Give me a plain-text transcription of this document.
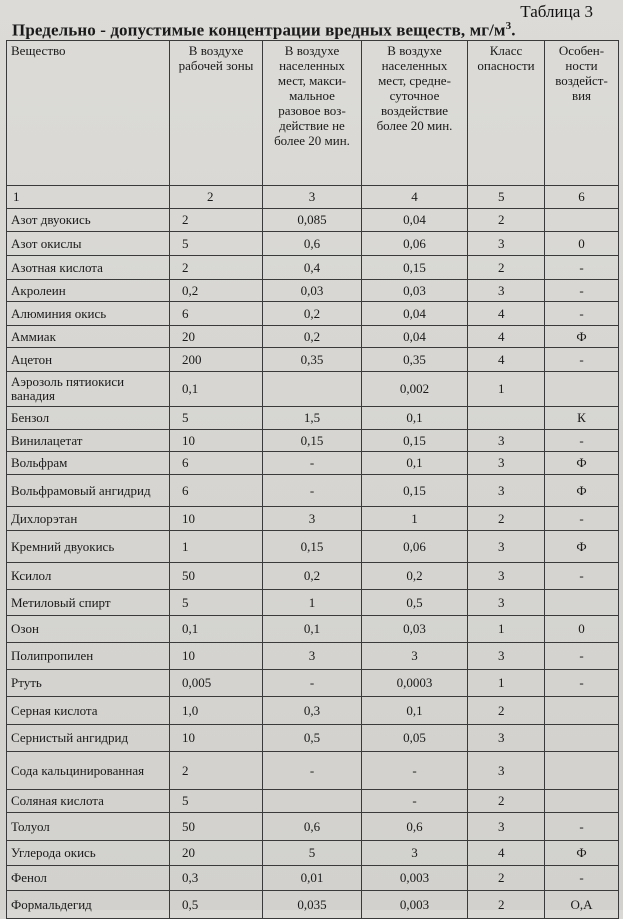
Таблица 3
Предельно - допустимые концентрации вредных веществ, $мг/м^3$.
Вещество	В воздухе рабочей зоны	В воздухе населенных мест, макси-мальное разовое воз-действие не более 20 мин.	В воздухе населенных мест, средне-суточное воздействие более 20 мин.	Класс опасности	Особен-ности воздейст-вия
1	2	3	4	5	6
Азот двуокись	2	0,085	0,04	2	
Азот окислы	5	0,6	0,06	3	0
Азотная кислота	2	0,4	0,15	2	-
Акролеин	0,2	0,03	0,03	3	-
Алюминия окись	6	0,2	0,04	4	-
Аммиак	20	0,2	0,04	4	Ф
Ацетон	200	0,35	0,35	4	-
Аэрозоль пятиокиси ванадия	0,1		0,002	1	
Бензол	5	1,5	0,1		К
Винилацетат	10	0,15	0,15	3	-
Вольфрам	6	-	0,1	3	Ф
Вольфрамовый ангидрид	6	-	0,15	3	Ф
Дихлорэтан	10	3	1	2	-
Кремний двуокись	1	0,15	0,06	3	Ф
Ксилол	50	0,2	0,2	3	-
Метиловый спирт	5	1	0,5	3	
Озон	0,1	0,1	0,03	1	0
Полипропилен	10	3	3	3	-
Ртуть	0,005	-	0,0003	1	-
Серная кислота	1,0	0,3	0,1	2	
Сернистый ангидрид	10	0,5	0,05	3	
Сода кальцинированная	2	-	-	3	
Соляная кислота	5		-	2	
Толуол	50	0,6	0,6	3	-
Углерода окись	20	5	3	4	Ф
Фенол	0,3	0,01	0,003	2	-
Формальдегид	0,5	0,035	0,003	2	О,А
